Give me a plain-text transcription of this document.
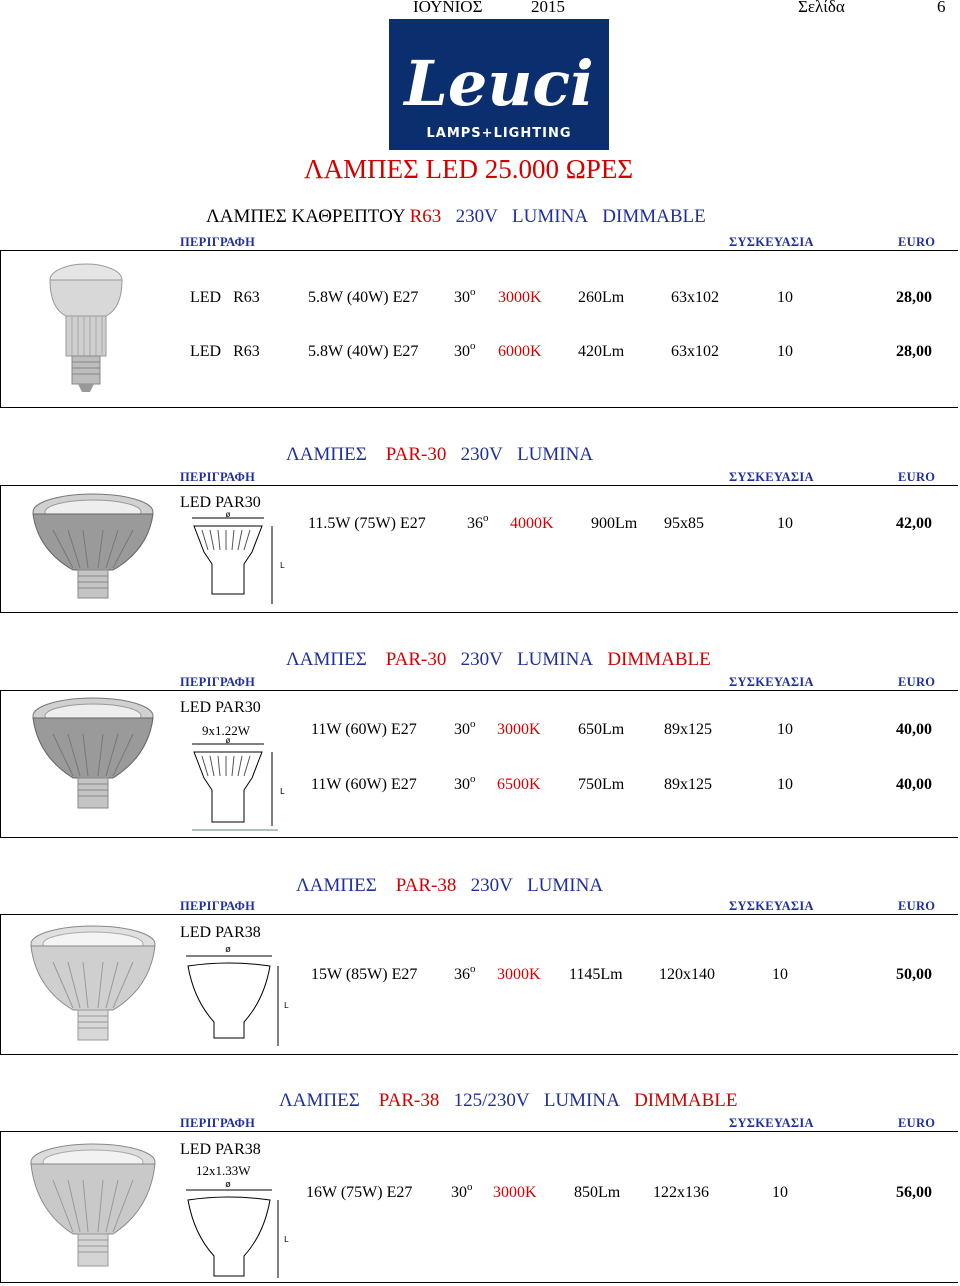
ΙΟΥΝΙΟΣ	2015	Σελίδα	6
Leuci
LAMPS+LIGHTING
ΛΑΜΠΕΣ LED 25.000 ΩΡΕΣ
ΛΑΜΠΕΣ ΚΑΘΡΕΠΤΟΥ R63 230V LUMINA DIMMABLE
ΠΕΡΙΓΡΑΦΗ	ΣΥΣΚΕΥΑΣΙΑ	EURO
LED R63	5.8W (40W) E27 $30^o$ 3000K 260Lm	63x102	10	28,00
LED R63	5.8W (40W) E27 $30^o$ 6000K 420Lm	63x102	10	28,00
ΛΑΜΠΕΣ PAR-30 230V LUMINA
ΠΕΡΙΓΡΑΦΗ	ΣΥΣΚΕΥΑΣΙΑ	EURO
LED PAR30
ø
L
11.5W (75W) E27	$36^o$ 4000K 900Lm 95x85	10	42,00
ΛΑΜΠΕΣ PAR-30 230V LUMINA DIMMABLE
ΠΕΡΙΓΡΑΦΗ	ΣΥΣΚΕΥΑΣΙΑ	EURO
LED PAR30
9x1.22W
ø
L
11W (60W) E27 $30^o$ 3000K 650Lm 89x125	10	40,00
11W (60W) E27 $30^o$ 6500K 750Lm 89x125	10	40,00
ΛΑΜΠΕΣ PAR-38 230V LUMINA
ΠΕΡΙΓΡΑΦΗ	ΣΥΣΚΕΥΑΣΙΑ	EURO
LED PAR38
ø
L
15W (85W) E27 $36^o$ 3000K 1145Lm 120x140	10	50,00
ΛΑΜΠΕΣ PAR-38 125/230V LUMINA DIMMABLE
ΠΕΡΙΓΡΑΦΗ	ΣΥΣΚΕΥΑΣΙΑ	EURO
LED PAR38
12x1.33W
ø
L
16W (75W) E27 $30^o$ 3000K 850Lm 122x136	10	56,00
